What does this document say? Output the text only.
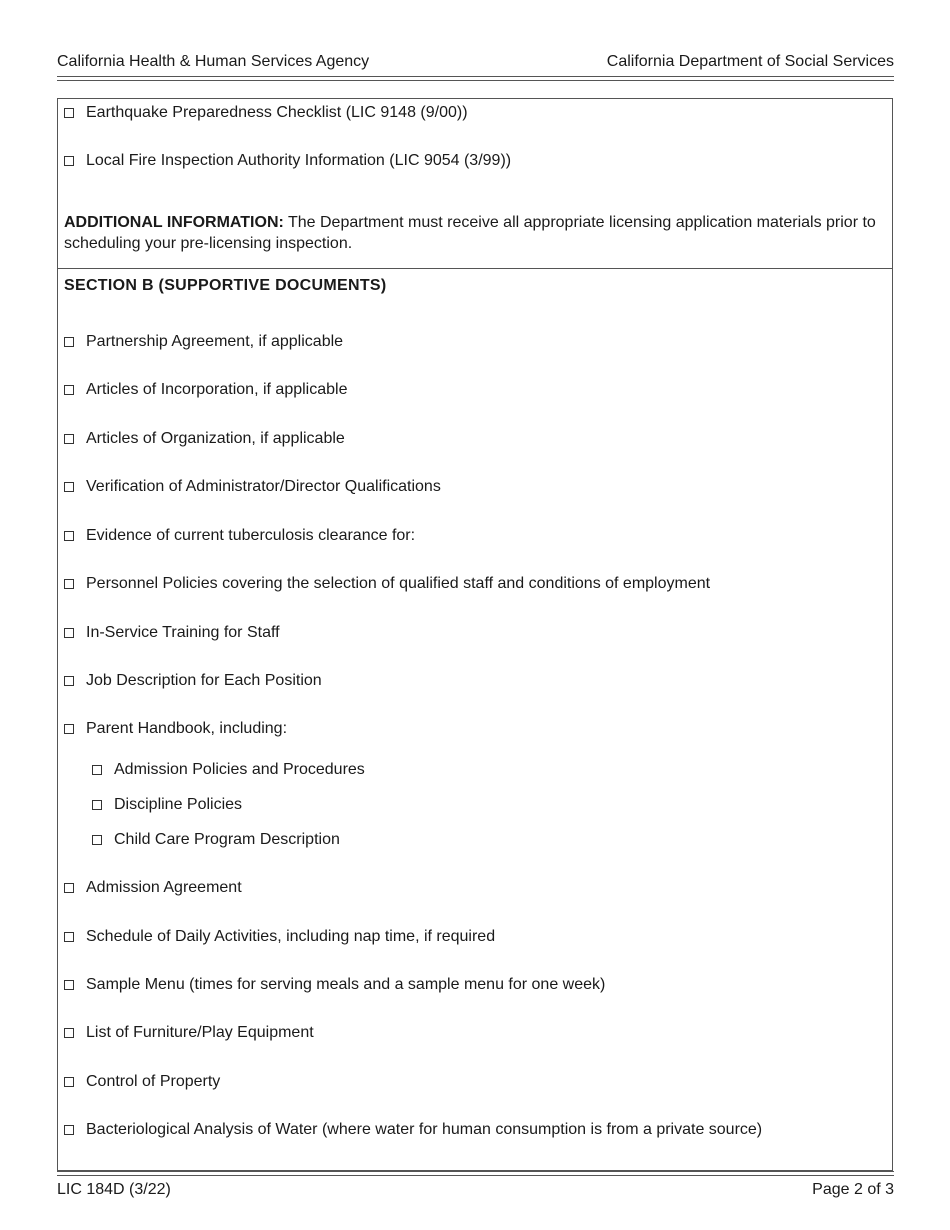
California Health & Human Services Agency	California Department of Social Services
Earthquake Preparedness Checklist (LIC 9148 (9/00))
Local Fire Inspection Authority Information (LIC 9054 (3/99))
ADDITIONAL INFORMATION: The Department must receive all appropriate licensing application materials prior to scheduling your pre-licensing inspection.
SECTION B (SUPPORTIVE DOCUMENTS)
Partnership Agreement, if applicable
Articles of Incorporation, if applicable
Articles of Organization, if applicable
Verification of Administrator/Director Qualifications
Evidence of current tuberculosis clearance for:
Personnel Policies covering the selection of qualified staff and conditions of employment
In-Service Training for Staff
Job Description for Each Position
Parent Handbook, including:
Admission Policies and Procedures
Discipline Policies
Child Care Program Description
Admission Agreement
Schedule of Daily Activities, including nap time, if required
Sample Menu (times for serving meals and a sample menu for one week)
List of Furniture/Play Equipment
Control of Property
Bacteriological Analysis of Water (where water for human consumption is from a private source)
LIC 184D (3/22)	Page 2 of 3
